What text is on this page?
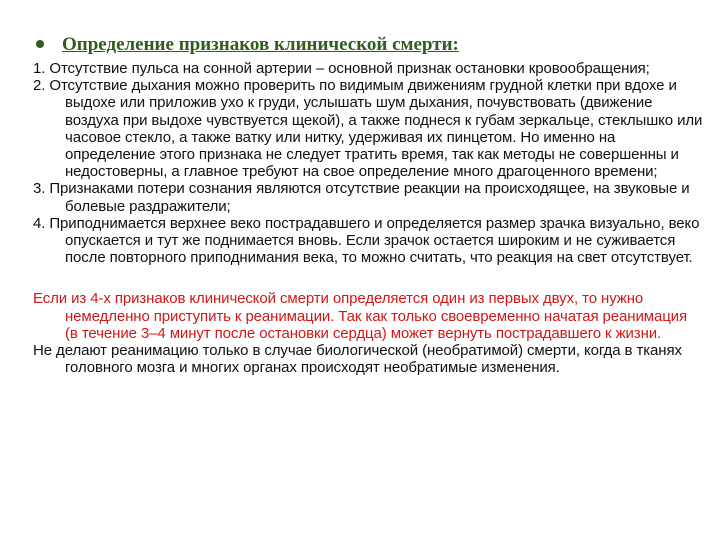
Определение признаков клинической смерти:

1. Отсутствие пульса на сонной артерии – основной признак остановки кровообращения;

2. Отсутствие дыхания можно проверить по видимым движениям грудной клетки при вдохе и выдохе или приложив ухо к груди, услышать шум дыхания, почувствовать (движение воздуха при выдохе чувствуется щекой), а также поднеся к губам зеркальце, стеклышко или часовое стекло, а также ватку или нитку, удерживая их пинцетом. Но именно на определение этого признака не следует тратить время, так как методы не совершенны и недостоверны, а главное требуют на свое определение много драгоценного времени;

3. Признаками потери сознания являются отсутствие реакции на происходящее, на звуковые и болевые раздражители;

4. Приподнимается верхнее веко пострадавшего и определяется размер зрачка визуально, веко опускается и тут же поднимается вновь. Если зрачок остается широким и не суживается после повторного приподнимания века, то можно считать, что реакция на свет отсутствует.

Если из 4-х признаков клинической смерти определяется один из первых двух, то нужно немедленно приступить к реанимации. Так как только своевременно начатая реанимация (в течение 3–4 минут после остановки сердца) может вернуть пострадавшего к жизни.

Не делают реанимацию только в случае биологической (необратимой) смерти, когда в тканях головного мозга и многих органах происходят необратимые изменения.
